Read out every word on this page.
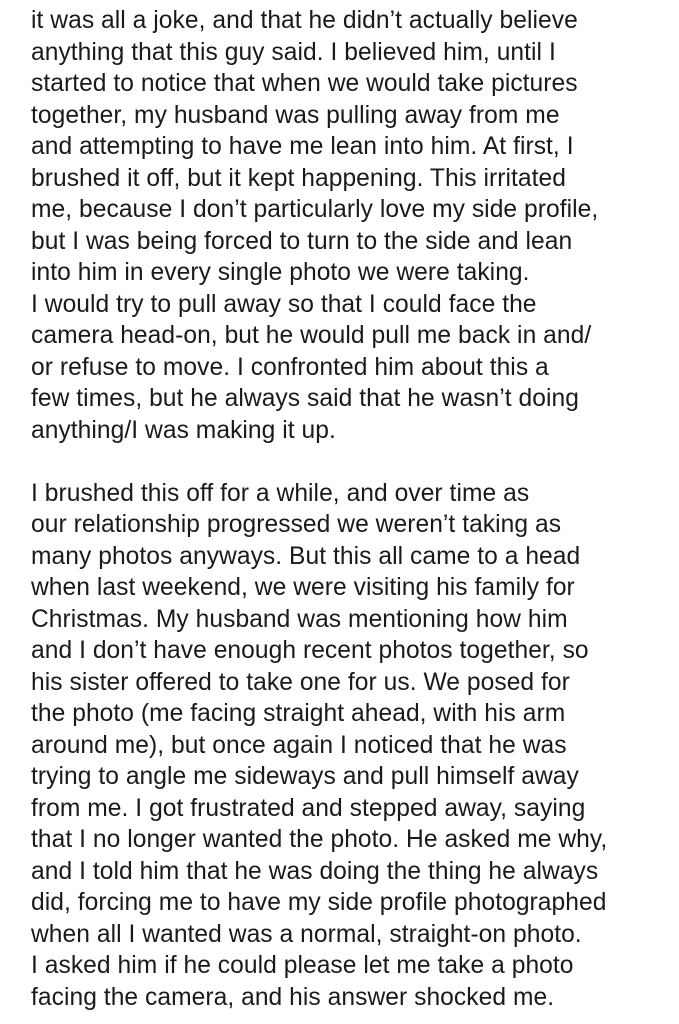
it was all a joke, and that he didn’t actually believe
anything that this guy said. I believed him, until I
started to notice that when we would take pictures
together, my husband was pulling away from me
and attempting to have me lean into him. At first, I
brushed it off, but it kept happening. This irritated
me, because I don’t particularly love my side profile,
but I was being forced to turn to the side and lean
into him in every single photo we were taking.
I would try to pull away so that I could face the
camera head-on, but he would pull me back in and/
or refuse to move. I confronted him about this a
few times, but he always said that he wasn’t doing
anything/I was making it up.
I brushed this off for a while, and over time as
our relationship progressed we weren’t taking as
many photos anyways. But this all came to a head
when last weekend, we were visiting his family for
Christmas. My husband was mentioning how him
and I don’t have enough recent photos together, so
his sister offered to take one for us. We posed for
the photo (me facing straight ahead, with his arm
around me), but once again I noticed that he was
trying to angle me sideways and pull himself away
from me. I got frustrated and stepped away, saying
that I no longer wanted the photo. He asked me why,
and I told him that he was doing the thing he always
did, forcing me to have my side profile photographed
when all I wanted was a normal, straight-on photo.
I asked him if he could please let me take a photo
facing the camera, and his answer shocked me.
